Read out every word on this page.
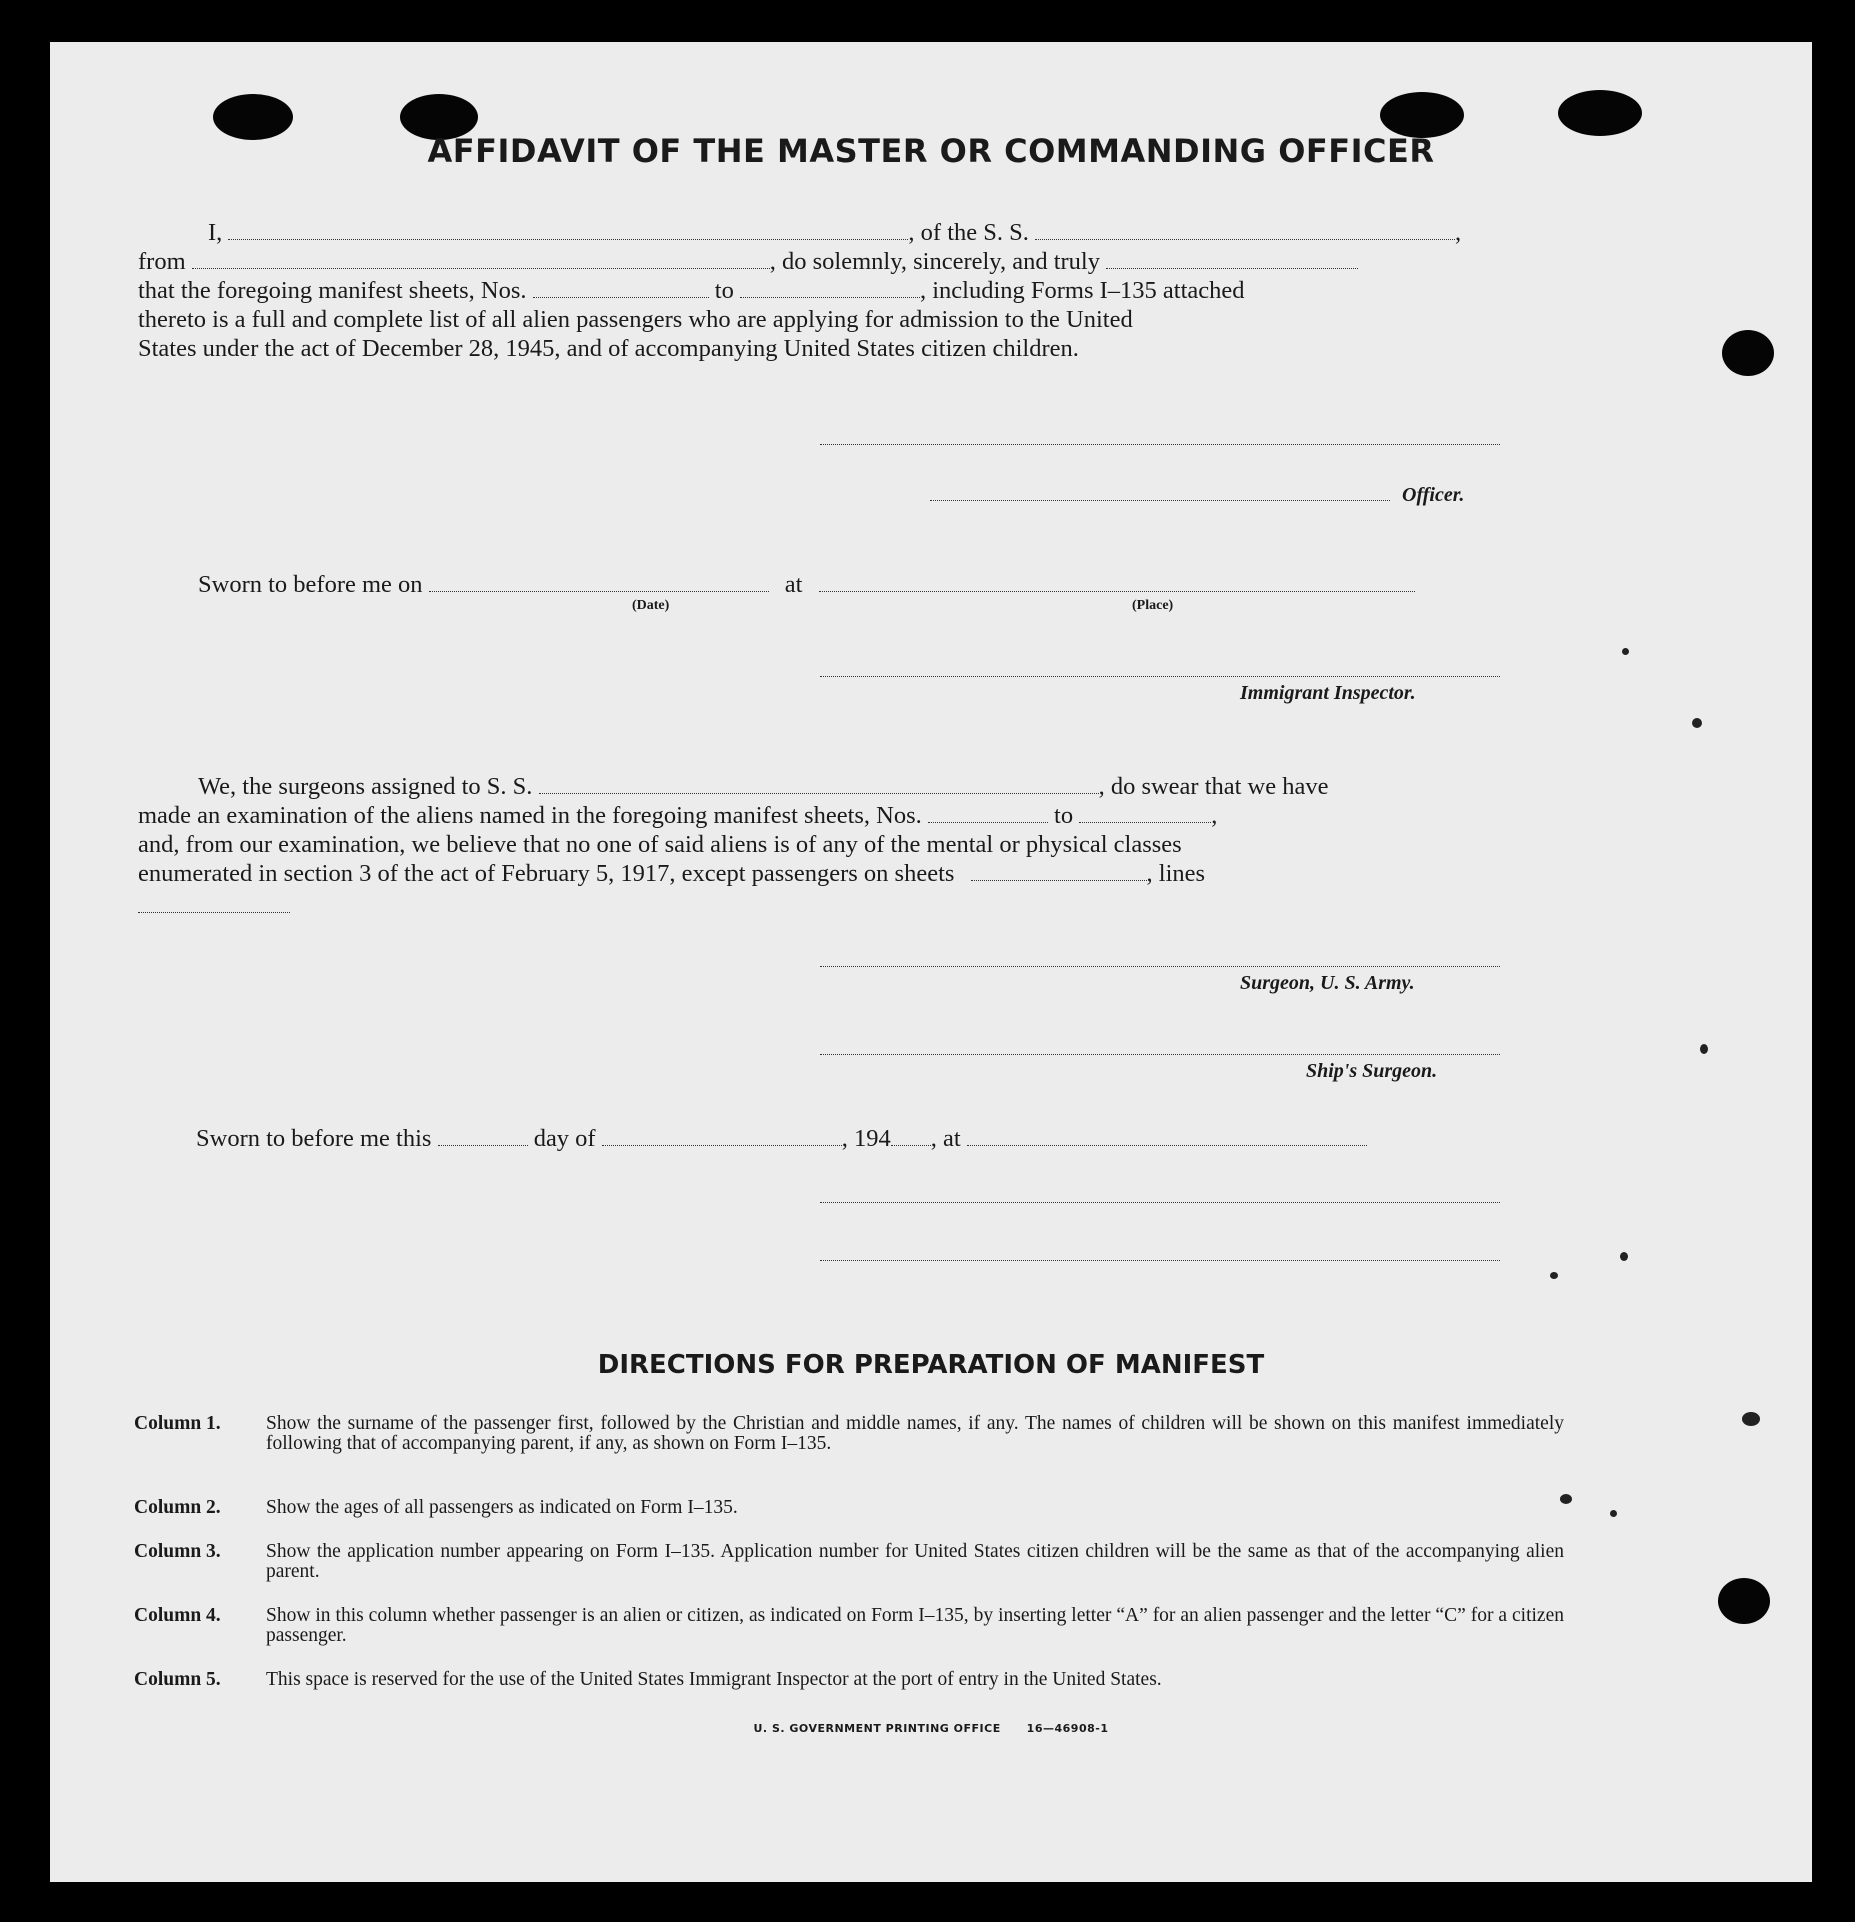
AFFIDAVIT OF THE MASTER OR COMMANDING OFFICER
I,	, of the S. S.	,
from	, do solemnly, sincerely, and truly
that the foregoing manifest sheets, Nos.	to	, including Forms I–135 attached
thereto is a full and complete list of all alien passengers who are applying for admission to the United
States under the act of December 28, 1945, and of accompanying United States citizen children.
Officer.
Sworn to before me on	at
(Date)	(Place)
Immigrant Inspector.
We, the surgeons assigned to S. S.	, do swear that we have
made an examination of the aliens named in the foregoing manifest sheets, Nos.	to	,
and, from our examination, we believe that no one of said aliens is of any of the mental or physical classes
enumerated in section 3 of the act of February 5, 1917, except passengers on sheets	, lines
Surgeon, U. S. Army.
Ship's Surgeon.
Sworn to before me this	day of	, 194 , at
DIRECTIONS FOR PREPARATION OF MANIFEST
Column 1. Show the surname of the passenger first, followed by the Christian and middle names, if any. The names of children will be shown on this manifest immediately following that of accompanying parent, if any, as shown on Form I–135.
Column 2. Show the ages of all passengers as indicated on Form I–135.
Column 3. Show the application number appearing on Form I–135. Application number for United States citizen children will be the same as that of the accompanying alien parent.
Column 4. Show in this column whether passenger is an alien or citizen, as indicated on Form I–135, by inserting letter “A” for an alien passenger and the letter “C” for a citizen passenger.
Column 5. This space is reserved for the use of the United States Immigrant Inspector at the port of entry in the United States.
U. S. GOVERNMENT PRINTING OFFICE      16—46908-1
